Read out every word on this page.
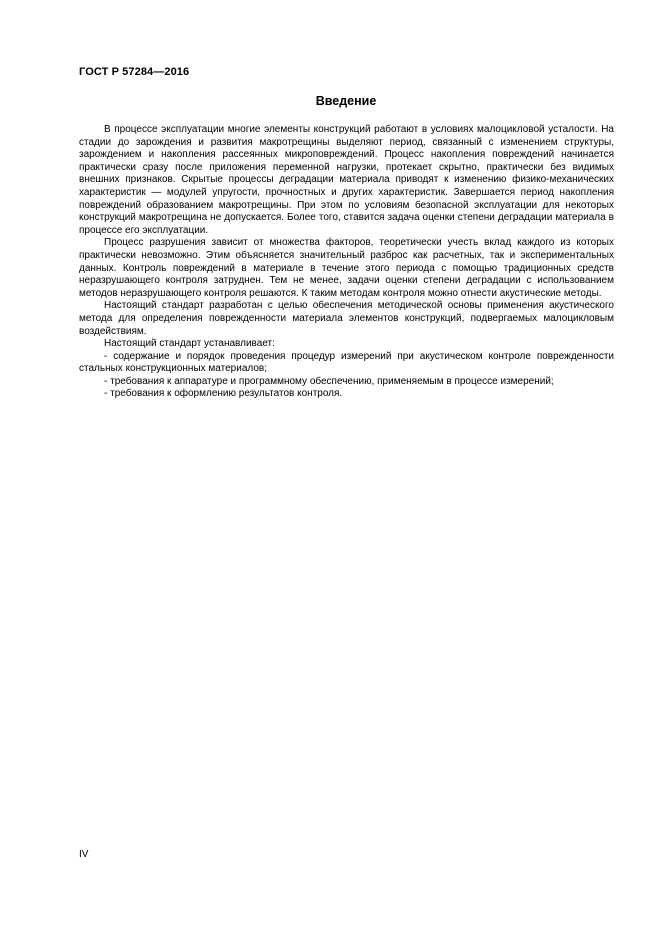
ГОСТ Р 57284—2016
Введение

В процессе эксплуатации многие элементы конструкций работают в условиях малоцикловой усталости. На стадии до зарождения и развития макротрещины выделяют период, связанный с изменением структуры, зарождением и накопления рассеянных микроповреждений. Процесс накопления повреждений начинается практически сразу после приложения переменной нагрузки, протекает скрытно, практически без видимых внешних признаков. Скрытые процессы деградации материала приводят к изменению физико-механических характеристик — модулей упругости, прочностных и других характеристик. Завершается период накопления повреждений образованием макротрещины. При этом по условиям безопасной эксплуатации для некоторых конструкций макротрещина не допускается. Более того, ставится задача оценки степени деградации материала в процессе его эксплуатации.

Процесс разрушения зависит от множества факторов, теоретически учесть вклад каждого из которых практически невозможно. Этим объясняется значительный разброс как расчетных, так и экспериментальных данных. Контроль повреждений в материале в течение этого периода с помощью традиционных средств неразрушающего контроля затруднен. Тем не менее, задачи оценки степени деградации с использованием методов неразрушающего контроля решаются. К таким методам контроля можно отнести акустические методы.

Настоящий стандарт разработан с целью обеспечения методической основы применения акустического метода для определения поврежденности материала элементов конструкций, подвергаемых малоцикловым воздействиям.

Настоящий стандарт устанавливает:

- содержание и порядок проведения процедур измерений при акустическом контроле поврежденности стальных конструкционных материалов;

- требования к аппаратуре и программному обеспечению, применяемым в процессе измерений;

- требования к оформлению результатов контроля.

IV
